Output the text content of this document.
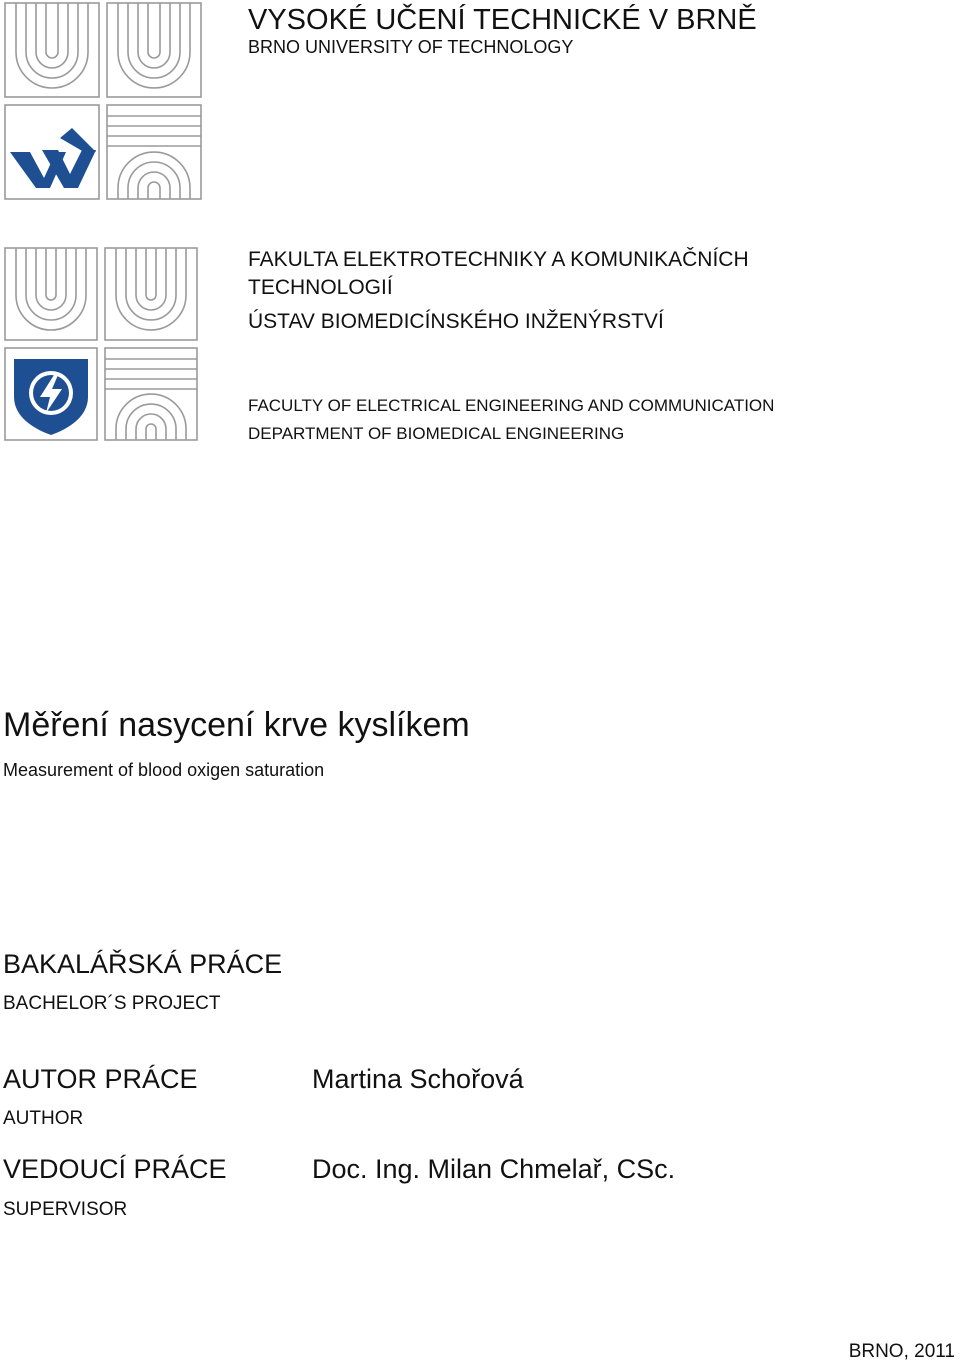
VYSOKÉ UČENÍ TECHNICKÉ V BRNĚ
BRNO UNIVERSITY OF TECHNOLOGY
FAKULTA ELEKTROTECHNIKY A KOMUNIKAČNÍCH
TECHNOLOGIÍ
ÚSTAV BIOMEDICÍNSKÉHO INŽENÝRSTVÍ
FACULTY OF ELECTRICAL ENGINEERING AND COMMUNICATION
DEPARTMENT OF BIOMEDICAL ENGINEERING
Měření nasycení krve kyslíkem
Measurement of blood oxigen saturation
BAKALÁŘSKÁ PRÁCE
BACHELOR´S PROJECT
AUTOR PRÁCE	Martina Schořová
AUTHOR
VEDOUCÍ PRÁCE	Doc. Ing. Milan Chmelař, CSc.
SUPERVISOR
BRNO, 2011
